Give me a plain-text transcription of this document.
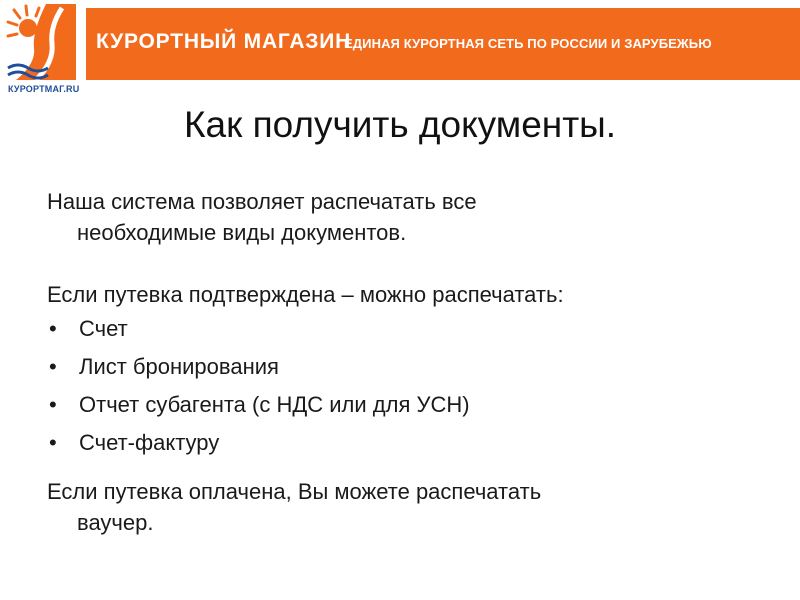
КУРОРТМАГ.RU
КУРОРТНЫЙ МАГАЗИН
ЕДИНАЯ КУРОРТНАЯ СЕТЬ ПО РОССИИ И ЗАРУБЕЖЬЮ
Как получить документы.

Наша система позволяет распечатать все
необходимые виды документов.

Если путевка подтверждена – можно распечатать:

• Счет
• Лист бронирования
• Отчет субагента (с НДС или для УСН)
• Счет-фактуру

Если путевка оплачена, Вы можете распечатать
ваучер.
